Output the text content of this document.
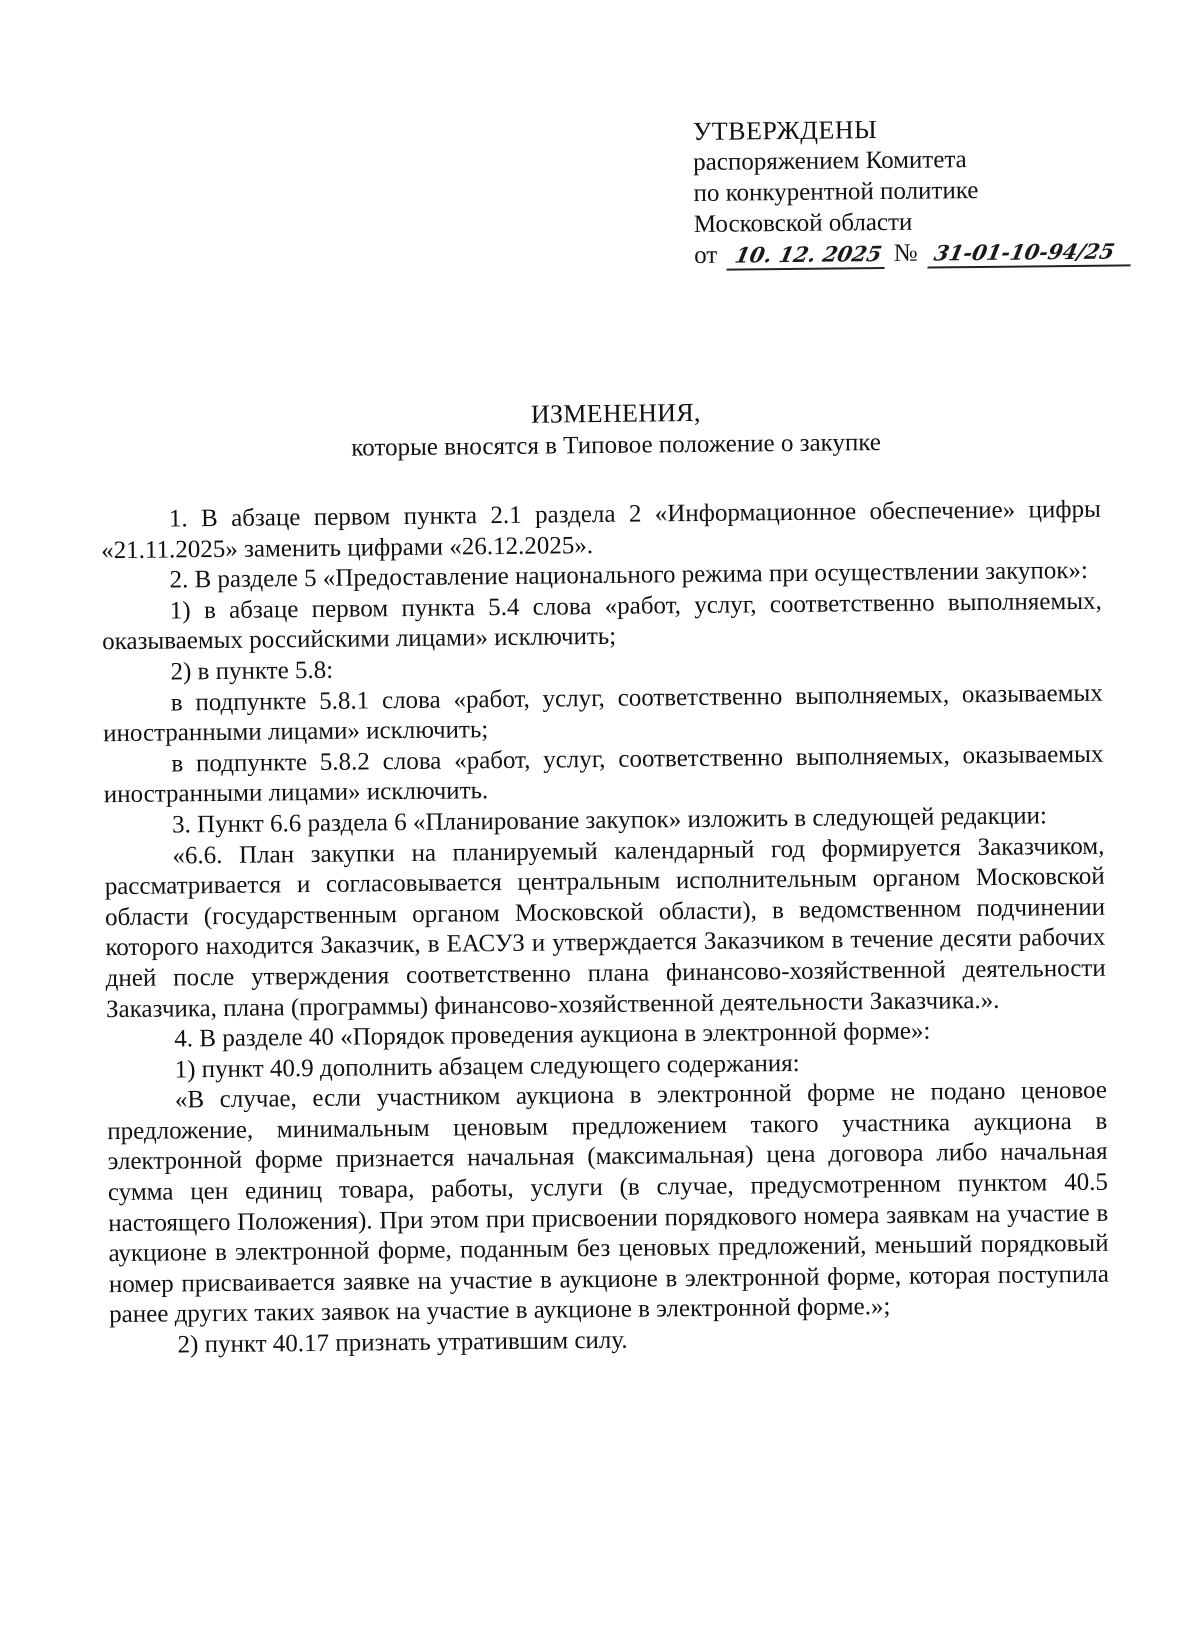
УТВЕРЖДЕНЫ
распоряжением Комитета
по конкурентной политике
Московской области
от 10. 12. 2025 № 31-01-10-94/25
ИЗМЕНЕНИЯ,
которые вносятся в Типовое положение о закупке

1. В абзаце первом пункта 2.1 раздела 2 «Информационное обеспечение» цифры «21.11.2025» заменить цифрами «26.12.2025».

2. В разделе 5 «Предоставление национального режима при осуществлении закупок»:

1) в абзаце первом пункта 5.4 слова «работ, услуг, соответственно выполняемых, оказываемых российскими лицами» исключить;

2) в пункте 5.8:

в подпункте 5.8.1 слова «работ, услуг, соответственно выполняемых, оказываемых иностранными лицами» исключить;

в подпункте 5.8.2 слова «работ, услуг, соответственно выполняемых, оказываемых иностранными лицами» исключить.

3. Пункт 6.6 раздела 6 «Планирование закупок» изложить в следующей редакции:

«6.6. План закупки на планируемый календарный год формируется Заказчиком, рассматривается и согласовывается центральным исполнительным органом Московской области (государственным органом Московской области), в ведомственном подчинении которого находится Заказчик, в ЕАСУЗ и утверждается Заказчиком в течение десяти рабочих дней после утверждения соответственно плана финансово-хозяйственной деятельности Заказчика, плана (программы) финансово-хозяйственной деятельности Заказчика.».

4. В разделе 40 «Порядок проведения аукциона в электронной форме»:

1) пункт 40.9 дополнить абзацем следующего содержания:

«В случае, если участником аукциона в электронной форме не подано ценовое предложение, минимальным ценовым предложением такого участника аукциона в электронной форме признается начальная (максимальная) цена договора либо начальная сумма цен единиц товара, работы, услуги (в случае, предусмотренном пунктом 40.5 настоящего Положения). При этом при присвоении порядкового номера заявкам на участие в аукционе в электронной форме, поданным без ценовых предложений, меньший порядковый номер присваивается заявке на участие в аукционе в электронной форме, которая поступила ранее других таких заявок на участие в аукционе в электронной форме.»;

2) пункт 40.17 признать утратившим силу.
